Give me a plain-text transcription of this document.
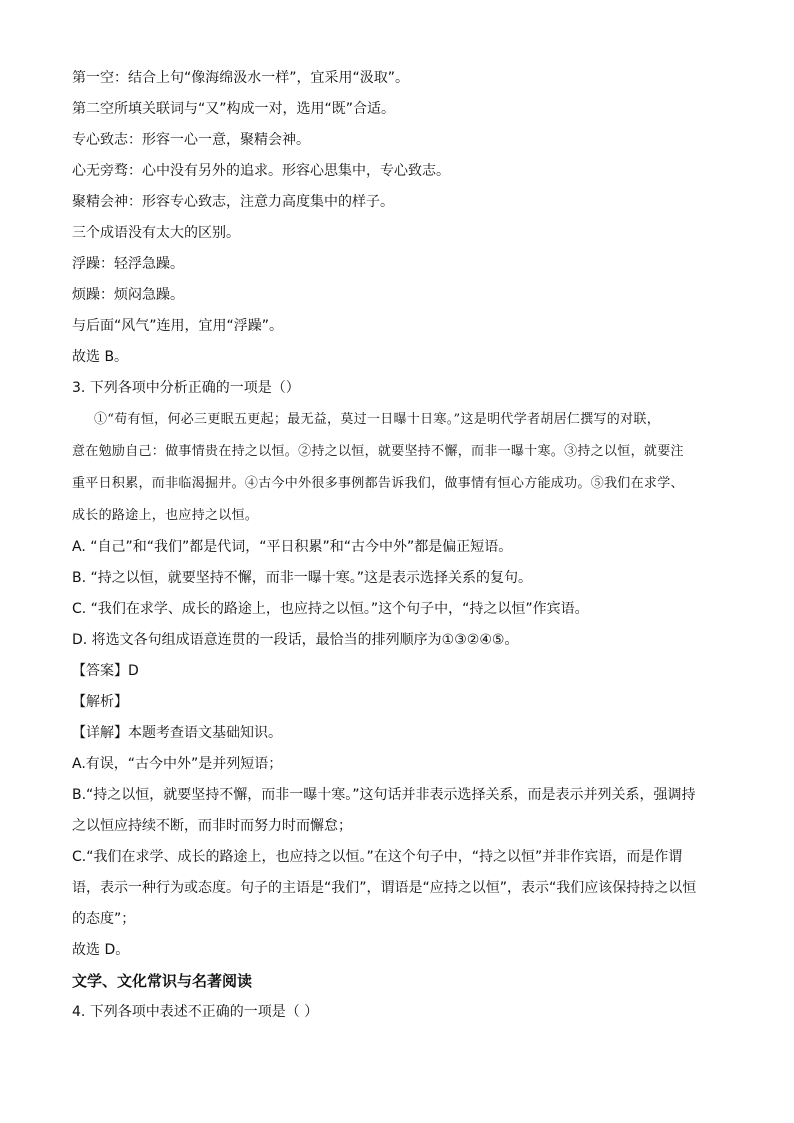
第一空：结合上句“像海绵汲水一样”，宜采用“汲取”。
第二空所填关联词与“又”构成一对，选用“既”合适。
专心致志：形容一心一意，聚精会神。
心无旁骛：心中没有另外的追求。形容心思集中，专心致志。
聚精会神：形容专心致志，注意力高度集中的样子。
三个成语没有太大的区别。
浮躁：轻浮急躁。
烦躁：烦闷急躁。
与后面“风气”连用，宜用“浮躁”。
故选 B。
3. 下列各项中分析正确的一项是（）
①“苟有恒，何必三更眠五更起；最无益，莫过一日曝十日寒。”这是明代学者胡居仁撰写的对联，
意在勉励自己：做事情贵在持之以恒。②持之以恒，就要坚持不懈，而非一曝十寒。③持之以恒，就要注
重平日积累，而非临渴掘井。④古今中外很多事例都告诉我们，做事情有恒心方能成功。⑤我们在求学、
成长的路途上，也应持之以恒。
A. “自己”和“我们”都是代词，“平日积累”和“古今中外”都是偏正短语。
B. “持之以恒，就要坚持不懈，而非一曝十寒。”这是表示选择关系的复句。
C. “我们在求学、成长的路途上，也应持之以恒。”这个句子中，“持之以恒”作宾语。
D. 将选文各句组成语意连贯的一段话，最恰当的排列顺序为①③②④⑤。
【答案】D
【解析】
【详解】本题考查语文基础知识。
A.有误，“古今中外”是并列短语；
B.“持之以恒，就要坚持不懈，而非一曝十寒。”这句话并非表示选择关系，而是表示并列关系，强调持
之以恒应持续不断，而非时而努力时而懈怠；
C.“我们在求学、成长的路途上，也应持之以恒。”在这个句子中，“持之以恒”并非作宾语，而是作谓
语，表示一种行为或态度。句子的主语是“我们”，谓语是“应持之以恒”，表示“我们应该保持持之以恒
的态度”；
故选 D。
文学、文化常识与名著阅读
4. 下列各项中表述不正确的一项是（ ）
